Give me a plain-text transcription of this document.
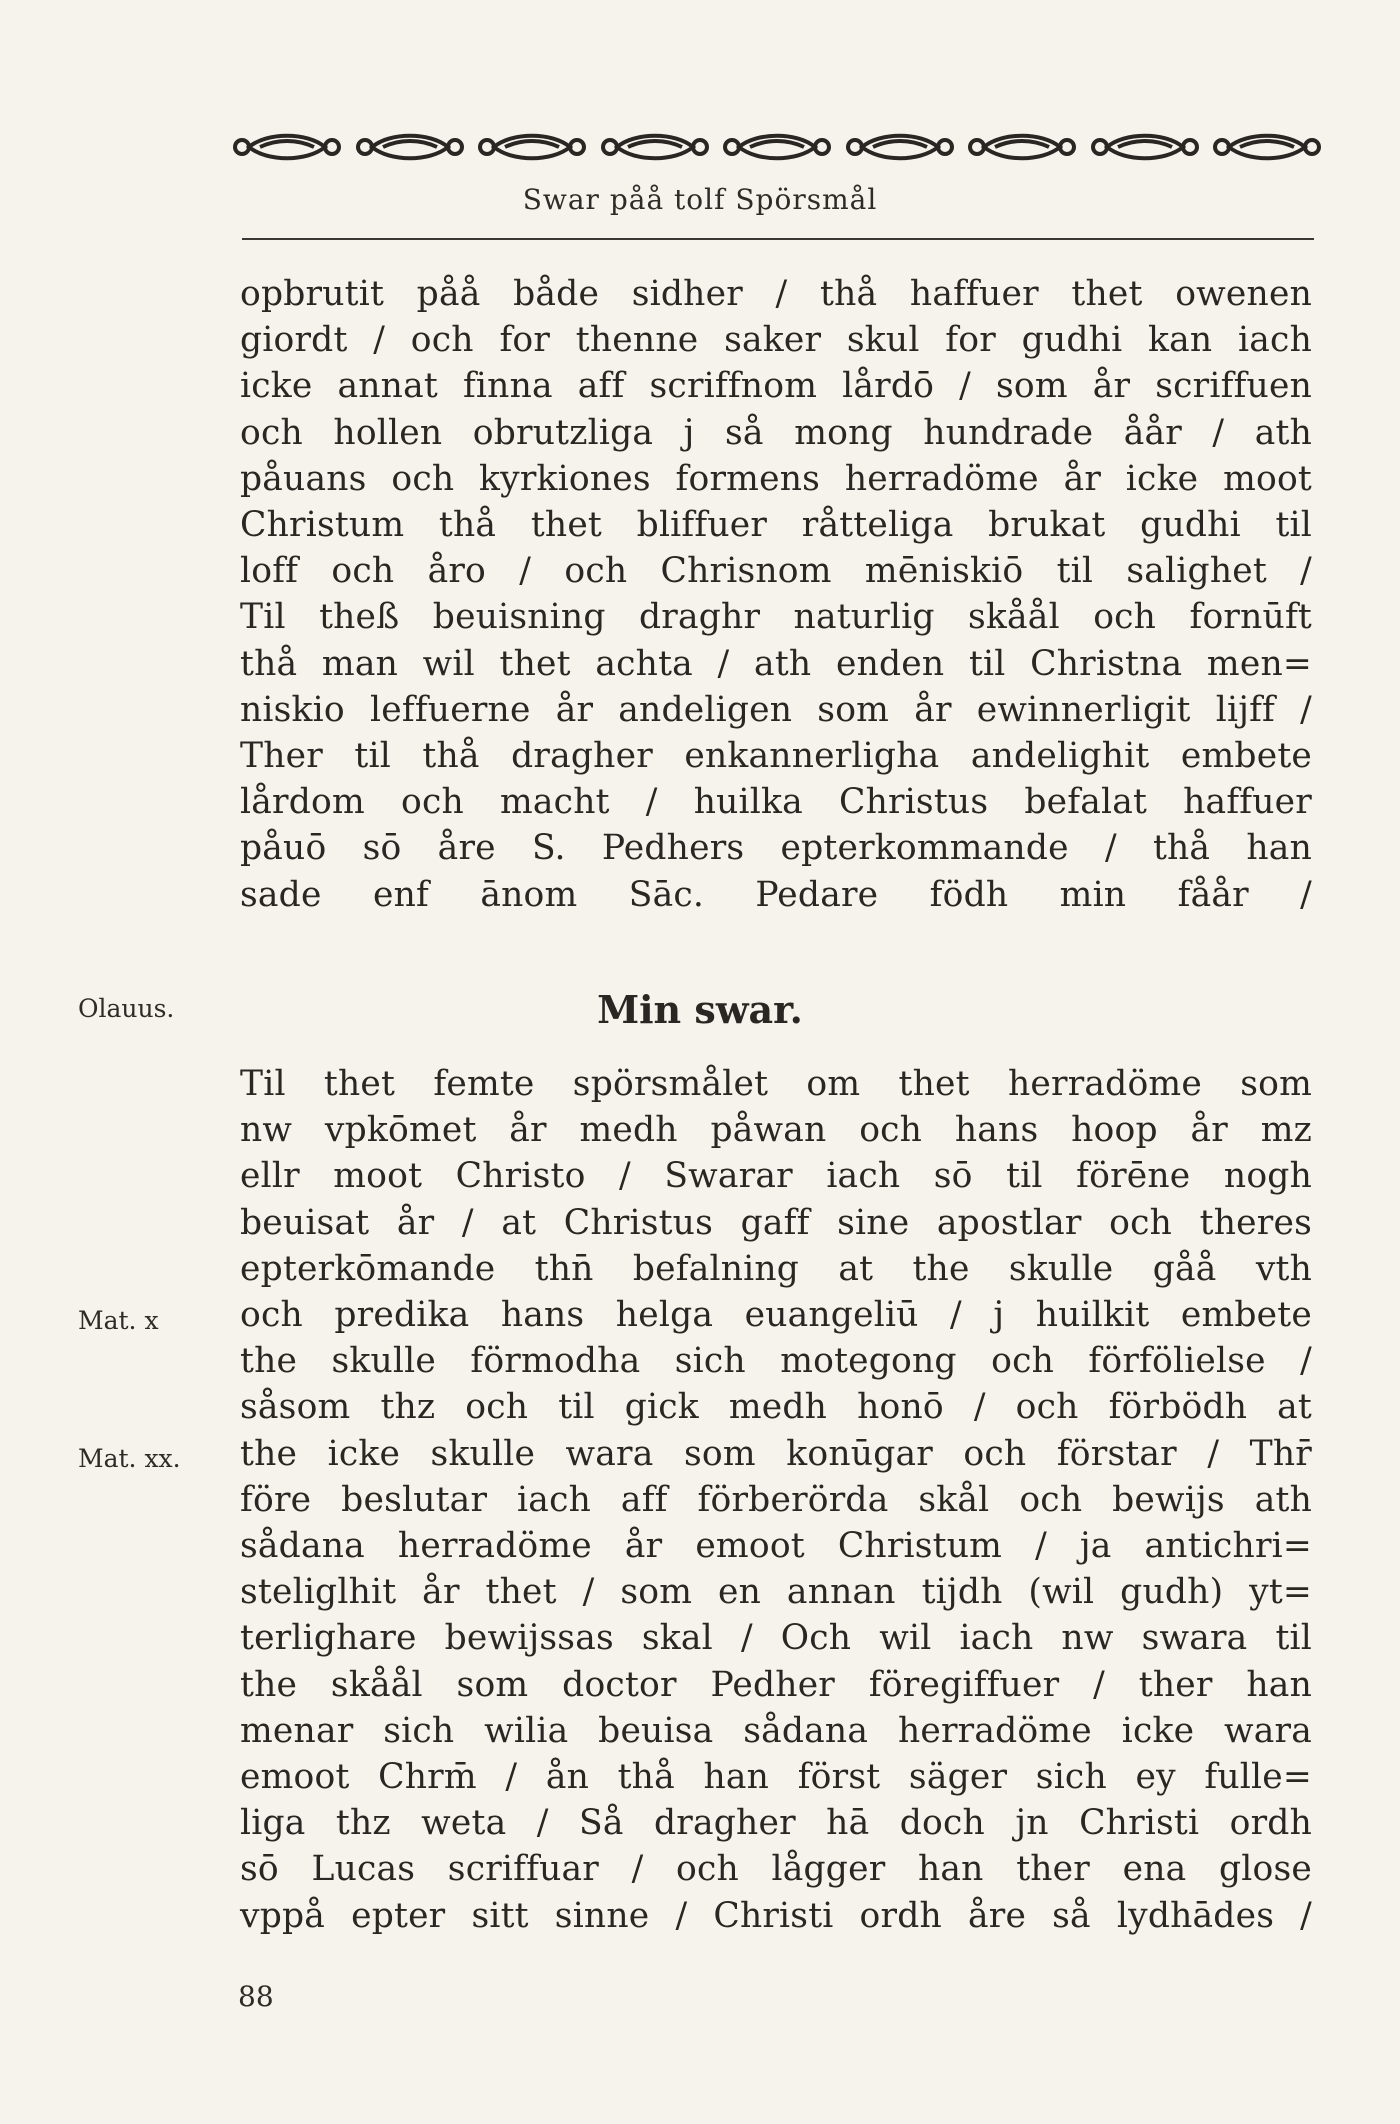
Swar påå tolf Spörsmål
opbrutit påå både sidher / thå haffuer thet owenen
giordt / och for thenne saker skul for gudhi kan iach
icke annat finna aff scriffnom lårdō / som år scriffuen
och hollen obrutzliga j så mong hundrade åår / ath
påuans och kyrkiones formens herradöme år icke moot
Christum thå thet bliffuer råtteliga brukat gudhi til
loff och åro / och Chrisnom mēniskiō til salighet /
Til theß beuisning draghr naturlig skåål och fornūft
thå man wil thet achta / ath enden til Christna men=
niskio leffuerne år andeligen som år ewinnerligit lijff /
Ther til thå dragher enkannerligha andelighit embete
lårdom och macht / huilka Christus befalat haffuer
påuō sō åre S. Pedhers epterkommande / thå han
sade enf ānom Sāc. Pedare födh min fåår /
Min swar.
Til thet femte spörsmålet om thet herradöme som
nw vpkōmet år medh påwan och hans hoop år mz
ellr moot Christo / Swarar iach sō til förēne nogh
beuisat år / at Christus gaff sine apostlar och theres
epterkōmande thn̄ befalning at the skulle gåå vth
och predika hans helga euangeliū / j huilkit embete
the skulle förmodha sich motegong och förfölielse /
såsom thz och til gick medh honō / och förbödh at
the icke skulle wara som konūgar och förstar / Thr̄
före beslutar iach aff förberörda skål och bewijs ath
sådana herradöme år emoot Christum / ja antichri=
steliglhit år thet / som en annan tijdh (wil gudh) yt=
terlighare bewijssas skal / Och wil iach nw swara til
the skåål som doctor Pedher föregiffuer / ther han
menar sich wilia beuisa sådana herradöme icke wara
emoot Chrm̄ / ån thå han först säger sich ey fulle=
liga thz weta / Så dragher hā doch jn Christi ordh
sō Lucas scriffuar / och lågger han ther ena glose
vppå epter sitt sinne / Christi ordh åre så lydhādes /
Olauus.
Mat. x
Mat. xx.
88
